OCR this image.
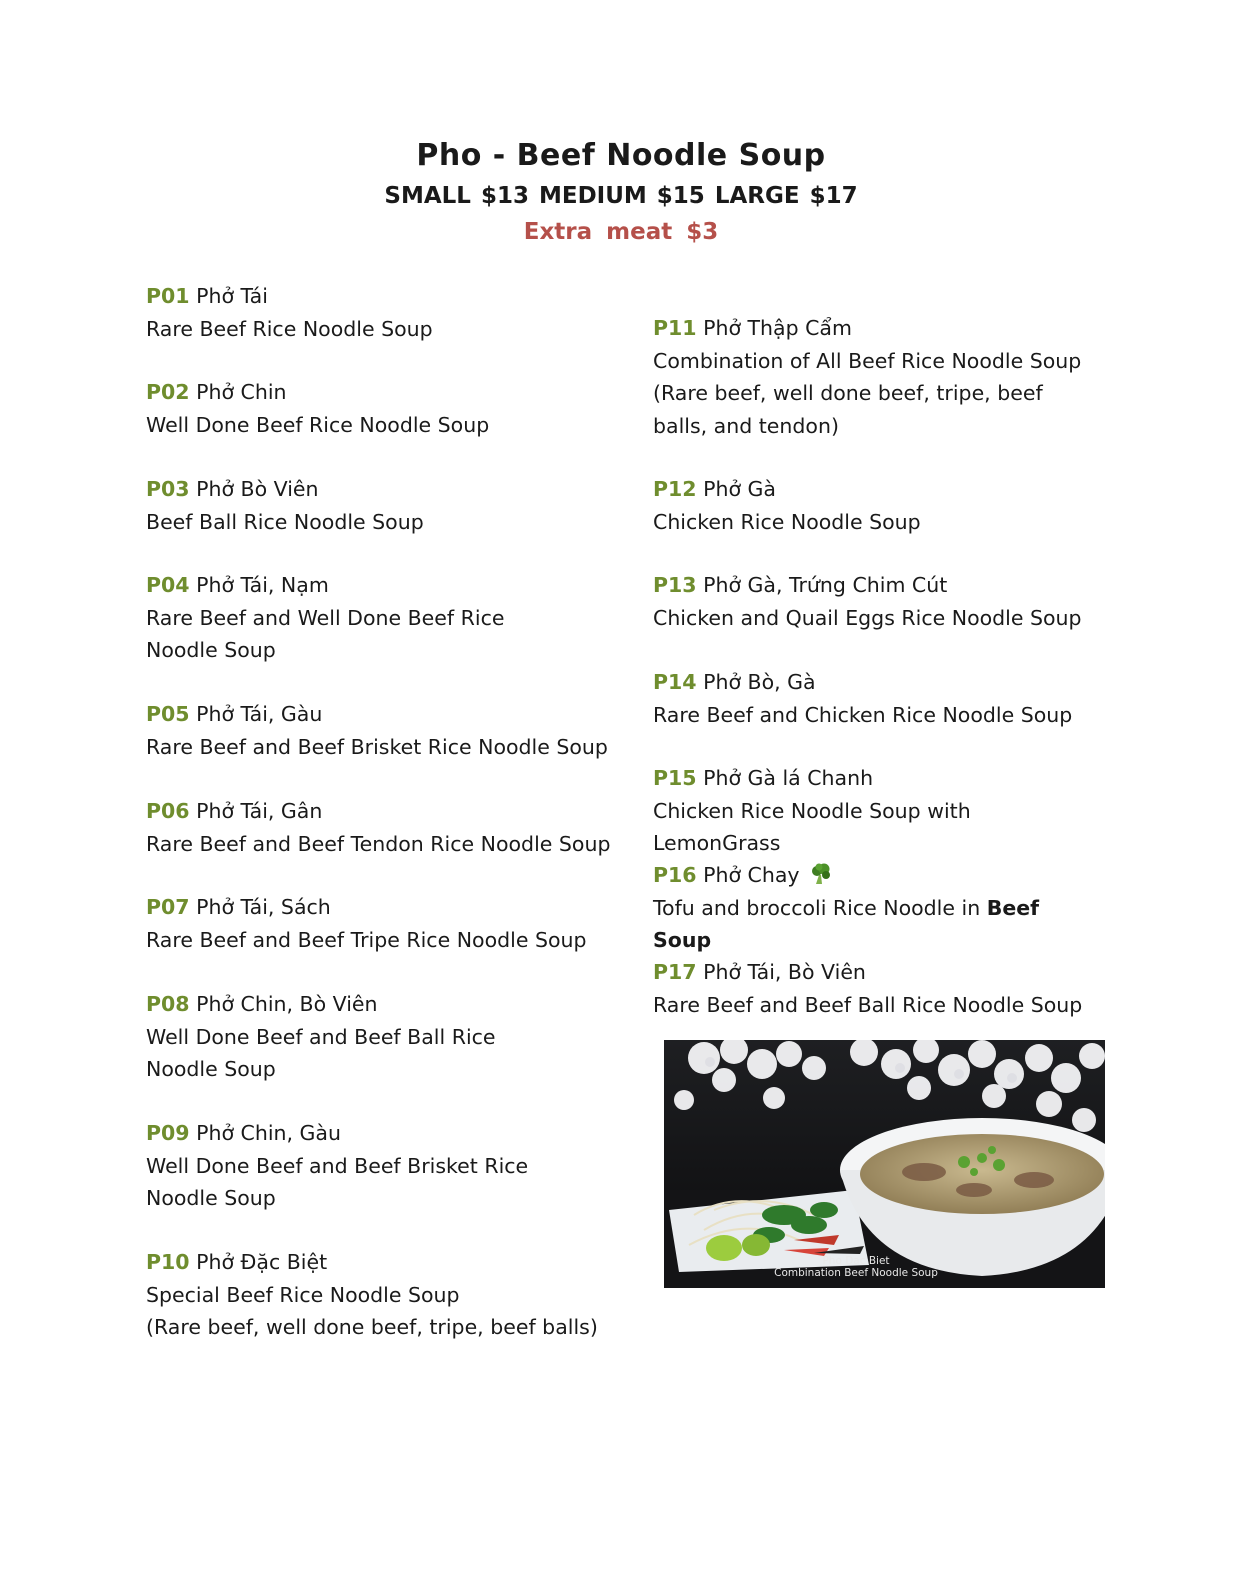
Pho - Beef Noodle Soup
SMALL $13 MEDIUM $15 LARGE $17
Extra meat $3
P01 Phở Tái
Rare Beef Rice Noodle Soup
P02 Phở Chin
Well Done Beef Rice Noodle Soup
P03 Phở Bò Viên
Beef Ball Rice Noodle Soup
P04 Phở Tái, Nạm
Rare Beef and Well Done Beef Rice Noodle Soup
P05 Phở Tái, Gàu
Rare Beef and Beef Brisket Rice Noodle Soup
P06 Phở Tái, Gân
Rare Beef and Beef Tendon Rice Noodle Soup
P07 Phở Tái, Sách
Rare Beef and Beef Tripe Rice Noodle Soup
P08 Phở Chin, Bò Viên
Well Done Beef and Beef Ball Rice Noodle Soup
P09 Phở Chin, Gàu
Well Done Beef and Beef Brisket Rice Noodle Soup
P10 Phở Đặc Biệt
Special Beef Rice Noodle Soup
(Rare beef, well done beef, tripe, beef balls)
P11 Phở Thập Cẩm
Combination of All Beef Rice Noodle Soup
(Rare beef, well done beef, tripe, beef balls, and tendon)
P12 Phở Gà
Chicken Rice Noodle Soup
P13 Phở Gà, Trứng Chim Cút
Chicken and Quail Eggs Rice Noodle Soup
P14 Phở Bò, Gà
Rare Beef and Chicken Rice Noodle Soup
P15 Phở Gà lá Chanh
Chicken Rice Noodle Soup with LemonGrass
P16 Phở Chay
Tofu and broccoli Rice Noodle in Beef Soup
P17 Phở Tái, Bò Viên
Rare Beef and Beef Ball Rice Noodle Soup
Pho Dac Biet
Combination Beef Noodle Soup
